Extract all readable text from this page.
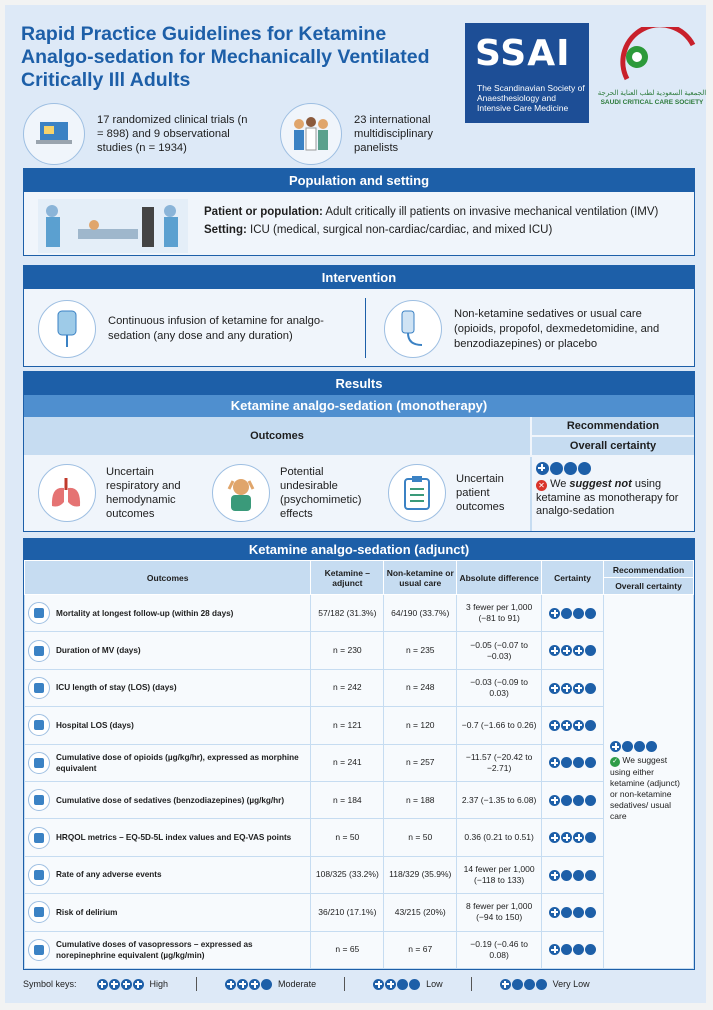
Rapid Practice Guidelines for Ketamine Analgo-sedation for Mechanically Ventilated Critically Ill Adults
SSAI
The Scandinavian Society of Anaesthesiology and Intensive Care Medicine
الجمعية السعودية لطب العناية الحرجة
SAUDI CRITICAL CARE SOCIETY
17 randomized clinical trials (n = 898) and 9 observational studies (n = 1934)
23 international multidisciplinary panelists
Population and setting
Patient or population: Adult critically ill patients on invasive mechanical ventilation (IMV)
Setting: ICU (medical, surgical non-cardiac/cardiac, and mixed ICU)
Intervention
Continuous infusion of ketamine for analgo-sedation (any dose and any duration)
Non-ketamine sedatives or usual care (opioids, propofol, dexmedetomidine, and benzodiazepines) or placebo
Results
Ketamine analgo-sedation (monotherapy)
Outcomes
Recommendation
Overall certainty
Uncertain respiratory and hemodynamic outcomes
Potential undesirable (psychomimetic) effects
Uncertain patient outcomes
✕ We suggest not using ketamine as monotherapy for analgo-sedation
Ketamine analgo-sedation (adjunct)
Outcomes	Ketamine – adjunct	Non-ketamine or usual care	Absolute difference	Certainty	Recommendation
Overall certainty

Mortality at longest follow-up (within 28 days)	57/182 (31.3%)	64/190 (33.7%)	3 fewer per 1,000 (−81 to 91)		✓ We suggest using either ketamine (adjunct) or non-ketamine sedatives/ usual care

Duration of MV (days)	n = 230	n = 235	−0.05 (−0.07 to −0.03)		

ICU length of stay (LOS) (days)	n = 242	n = 248	−0.03 (−0.09 to 0.03)		

Hospital LOS (days)	n = 121	n = 120	−0.7 (−1.66 to 0.26)		

Cumulative dose of opioids (µg/kg/hr), expressed as morphine equivalent	n = 241	n = 257	−11.57 (−20.42 to −2.71)		

Cumulative dose of sedatives (benzodiazepines) (µg/kg/hr)	n = 184	n = 188	2.37 (−1.35 to 6.08)		

HRQOL metrics – EQ-5D-5L index values and EQ-VAS points	n = 50	n = 50	0.36 (0.21 to 0.51)		

Rate of any adverse events	108/325 (33.2%)	118/329 (35.9%)	14 fewer per 1,000 (−118 to 133)		

Risk of delirium	36/210 (17.1%)	43/215 (20%)	8 fewer per 1,000 (−94 to 150)		

Cumulative doses of vasopressors – expressed as norepinephrine equivalent (µg/kg/min)	n = 65	n = 67	−0.19 (−0.46 to 0.08)		
Symbol keys:	High	Moderate	Low	Very Low
